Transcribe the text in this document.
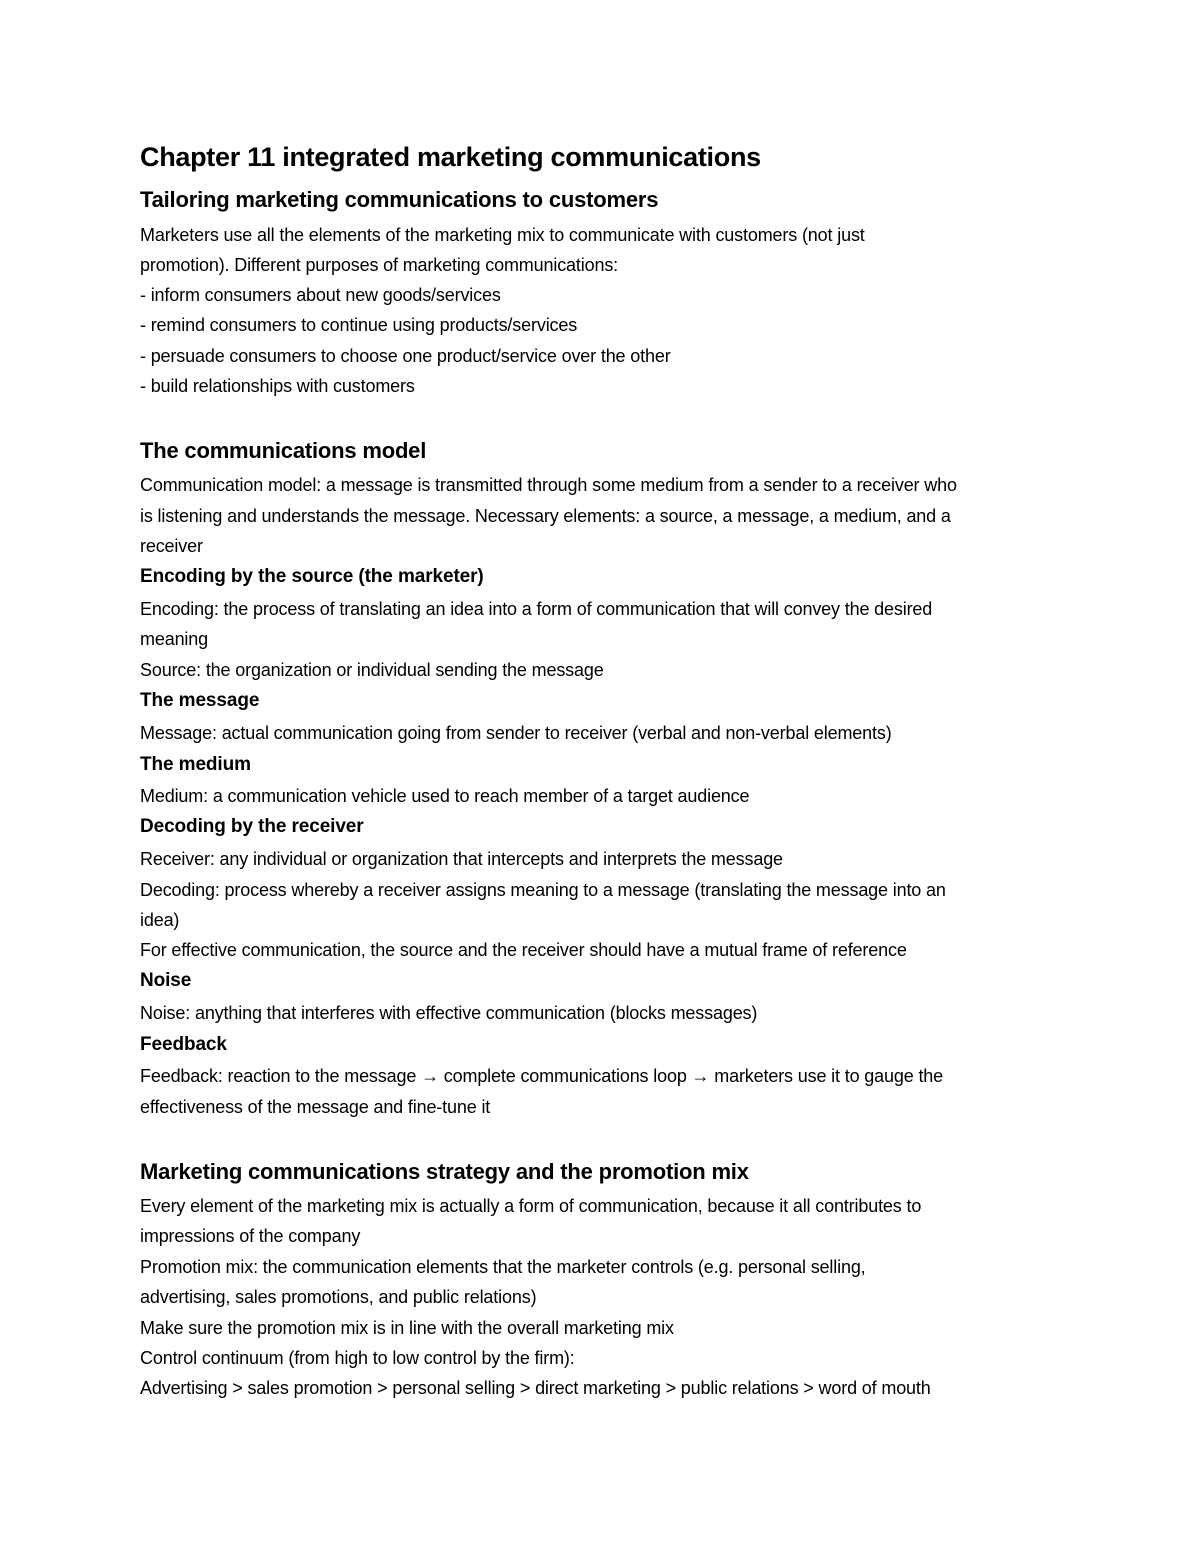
Chapter 11 integrated marketing communications
Tailoring marketing communications to customers
Marketers use all the elements of the marketing mix to communicate with customers (not just
promotion). Different purposes of marketing communications:
- inform consumers about new goods/services
- remind consumers to continue using products/services
- persuade consumers to choose one product/service over the other
- build relationships with customers
The communications model
Communication model: a message is transmitted through some medium from a sender to a receiver who
is listening and understands the message. Necessary elements: a source, a message, a medium, and a
receiver
Encoding by the source (the marketer)
Encoding: the process of translating an idea into a form of communication that will convey the desired
meaning
Source: the organization or individual sending the message
The message
Message: actual communication going from sender to receiver (verbal and non-verbal elements)
The medium
Medium: a communication vehicle used to reach member of a target audience
Decoding by the receiver
Receiver: any individual or organization that intercepts and interprets the message
Decoding: process whereby a receiver assigns meaning to a message (translating the message into an
idea)
For effective communication, the source and the receiver should have a mutual frame of reference
Noise
Noise: anything that interferes with effective communication (blocks messages)
Feedback
Feedback: reaction to the message → complete communications loop → marketers use it to gauge the
effectiveness of the message and fine-tune it
Marketing communications strategy and the promotion mix
Every element of the marketing mix is actually a form of communication, because it all contributes to
impressions of the company
Promotion mix: the communication elements that the marketer controls (e.g. personal selling,
advertising, sales promotions, and public relations)
Make sure the promotion mix is in line with the overall marketing mix
Control continuum (from high to low control by the firm):
Advertising > sales promotion > personal selling > direct marketing > public relations > word of mouth
